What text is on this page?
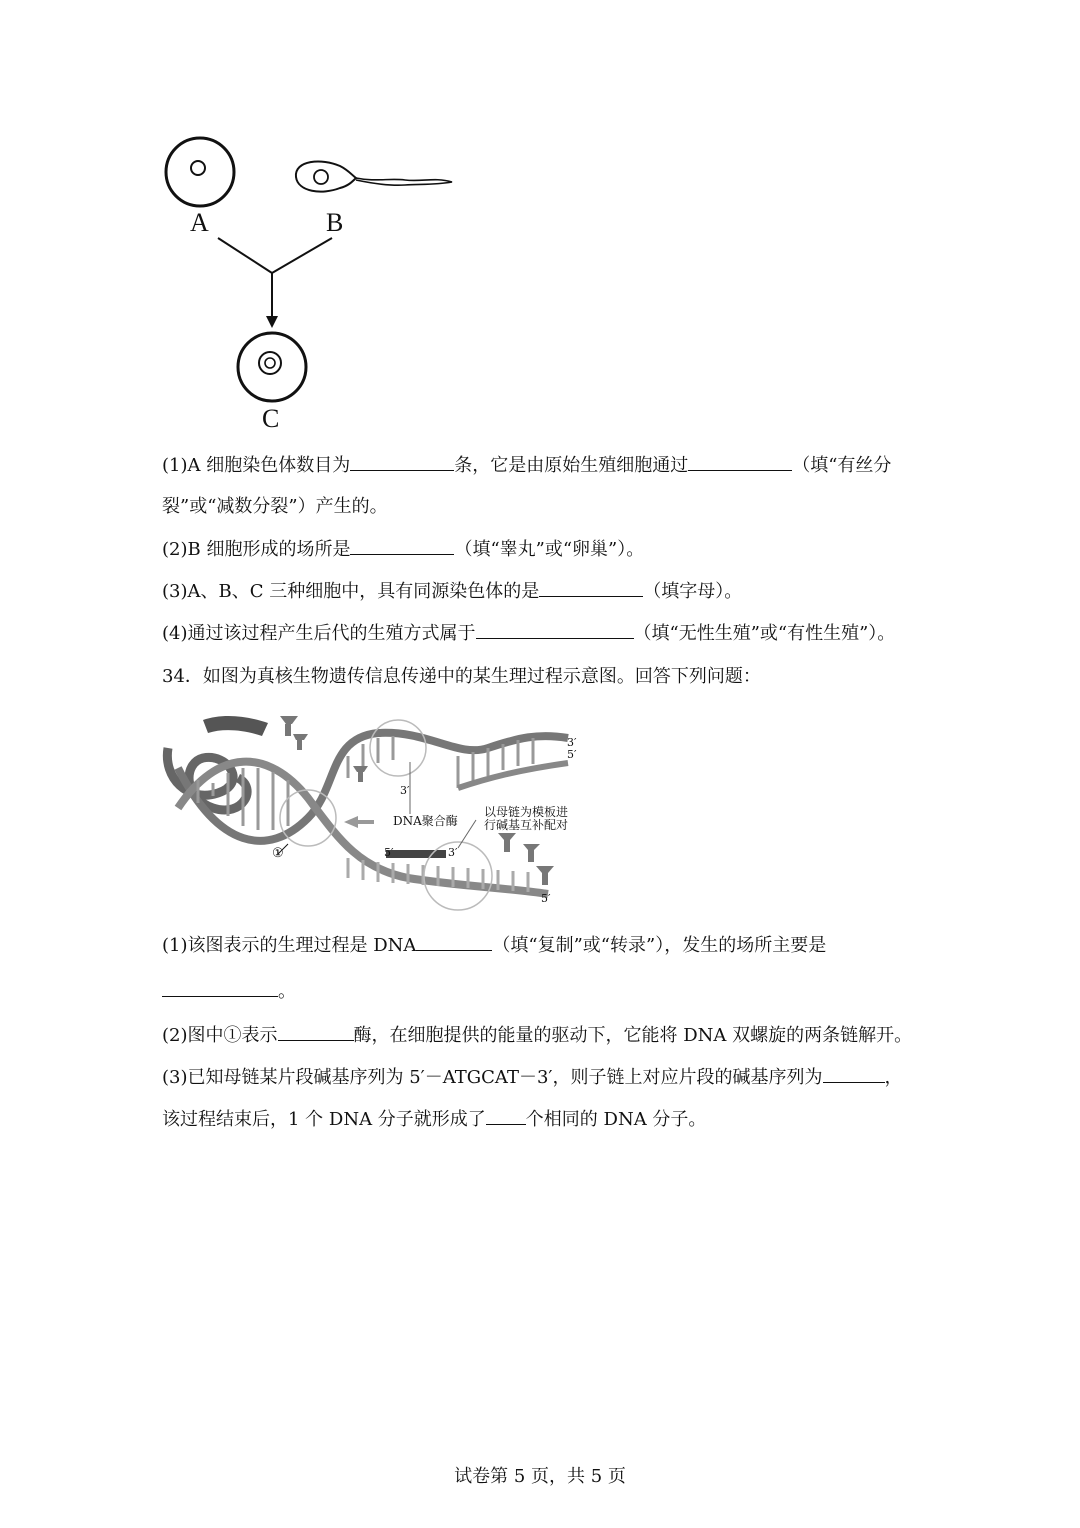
A	B
C
(1)A 细胞染色体数目为	条，它是由原始生殖细胞通过	（填“有丝分
裂”或“减数分裂”）产生的。
(2)B 细胞形成的场所是	（填“睾丸”或“卵巢”）。
(3)A、B、C 三种细胞中，具有同源染色体的是	（填字母）。
(4)通过该过程产生后代的生殖方式属于	（填“无性生殖”或“有性生殖”）。
34．如图为真核生物遗传信息传递中的某生理过程示意图。回答下列问题：
DNA聚合酶
以母链为模板进
行碱基互补配对
①
3′
5′
3′
5′	3′
5′
(1)该图表示的生理过程是 DNA	（填“复制”或“转录”），发生的场所主要是
。
(2)图中①表示	酶，在细胞提供的能量的驱动下，它能将 DNA 双螺旋的两条链解开。
(3)已知母链某片段碱基序列为 5′－ATGCAT－3′，则子链上对应片段的碱基序列为	，
该过程结束后，1 个 DNA 分子就形成了 个相同的 DNA 分子。
试卷第 5 页，共 5 页
